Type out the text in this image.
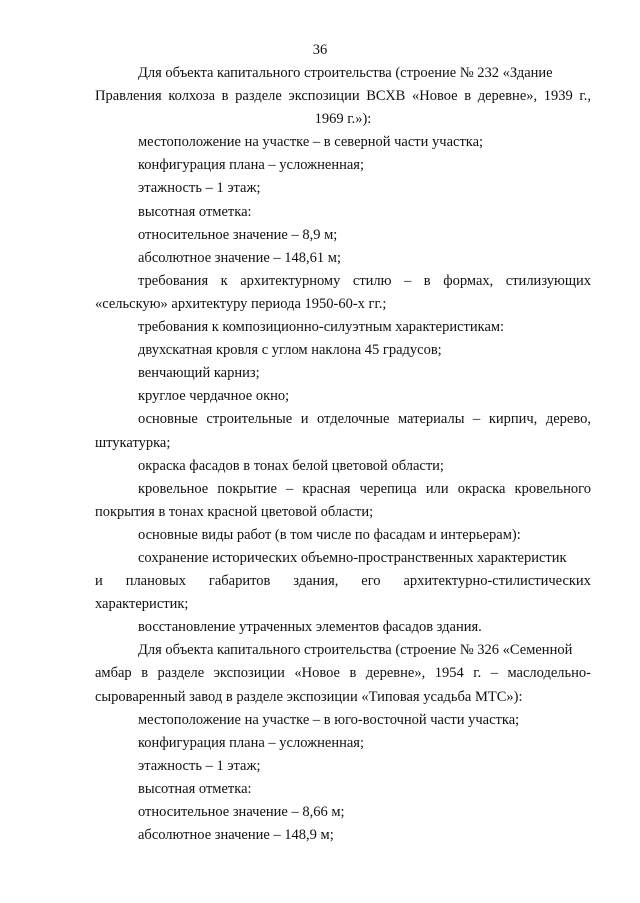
36

Для объекта капитального строительства (строение № 232 «Здание

Правления колхоза в разделе экспозиции ВСХВ «Новое в деревне», 1939 г.,

1969 г.»):

местоположение на участке – в северной части участка;

конфигурация плана – усложненная;

этажность – 1 этаж;

высотная отметка:

относительное значение – 8,9 м;

абсолютное значение – 148,61 м;

требования к архитектурному стилю – в формах, стилизующих «сельскую» архитектуру периода 1950-60-х гг.;

требования к композиционно-силуэтным характеристикам:

двухскатная кровля с углом наклона 45 градусов;

венчающий карниз;

круглое чердачное окно;

основные строительные и отделочные материалы – кирпич, дерево, штукатурка;

окраска фасадов в тонах белой цветовой области;

кровельное покрытие – красная черепица или окраска кровельного покрытия в тонах красной цветовой области;

основные виды работ (в том числе по фасадам и интерьерам):

сохранение исторических объемно-пространственных характеристик

и плановых габаритов здания, его архитектурно-стилистических

характеристик;

восстановление утраченных элементов фасадов здания.

Для объекта капитального строительства (строение № 326 «Семенной

амбар в разделе экспозиции «Новое в деревне», 1954 г. – маслодельно-

сыроваренный завод в разделе экспозиции «Типовая усадьба МТС»):

местоположение на участке – в юго-восточной части участка;

конфигурация плана – усложненная;

этажность – 1 этаж;

высотная отметка:

относительное значение – 8,66 м;

абсолютное значение – 148,9 м;
